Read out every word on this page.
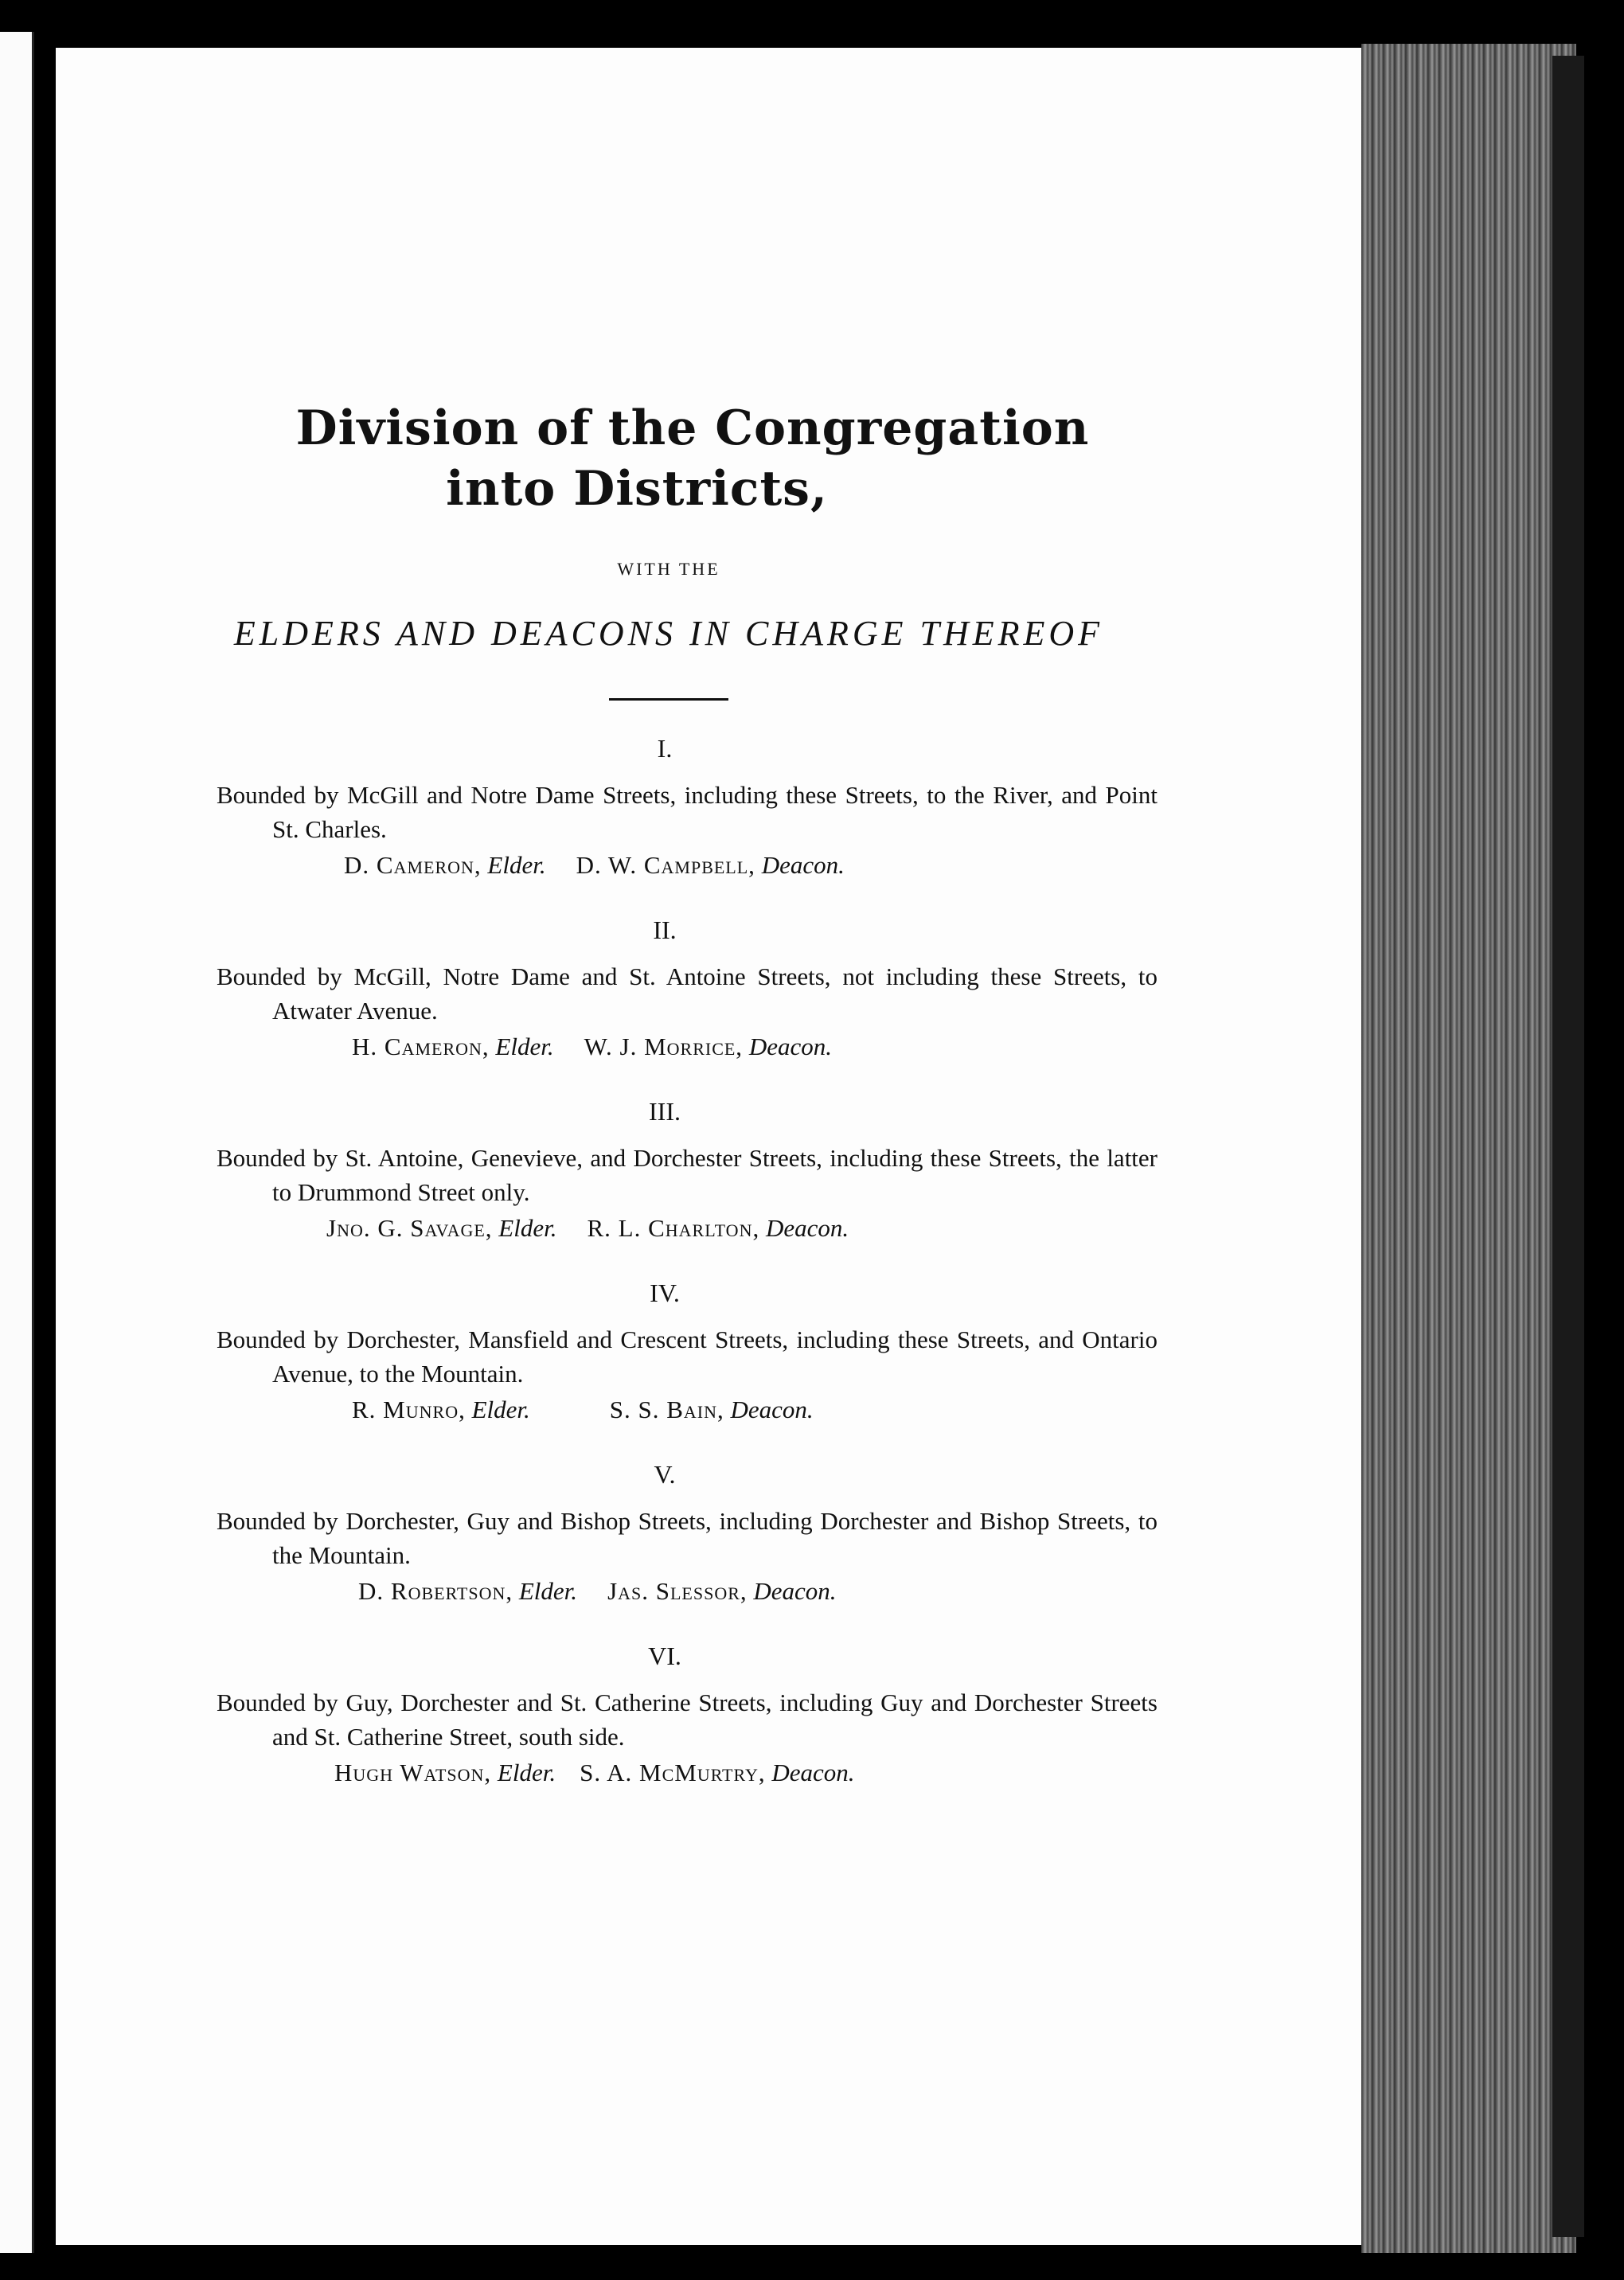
Division of the Congregation
into Districts,
WITH THE
ELDERS AND DEACONS IN CHARGE THEREOF
I.
Bounded by McGill and Notre Dame Streets, including these Streets, to the River, and Point St. Charles.
D. Cameron, Elder. D. W. Campbell, Deacon.
II.
Bounded by McGill, Notre Dame and St. Antoine Streets, not including these Streets, to Atwater Avenue.
H. Cameron, Elder. W. J. Morrice, Deacon.
III.
Bounded by St. Antoine, Genevieve, and Dorchester Streets, including these Streets, the latter to Drummond Street only.
Jno. G. Savage, Elder. R. L. Charlton, Deacon.
IV.
Bounded by Dorchester, Mansfield and Crescent Streets, including these Streets, and Ontario Avenue, to the Mountain.
R. Munro, Elder.	S. S. Bain, Deacon.
V.
Bounded by Dorchester, Guy and Bishop Streets, including Dorchester and Bishop Streets, to the Mountain.
D. Robertson, Elder. Jas. Slessor, Deacon.
VI.
Bounded by Guy, Dorchester and St. Catherine Streets, including Guy and Dorchester Streets and St. Catherine Street, south side.
Hugh Watson, Elder. S. A. McMurtry, Deacon.
